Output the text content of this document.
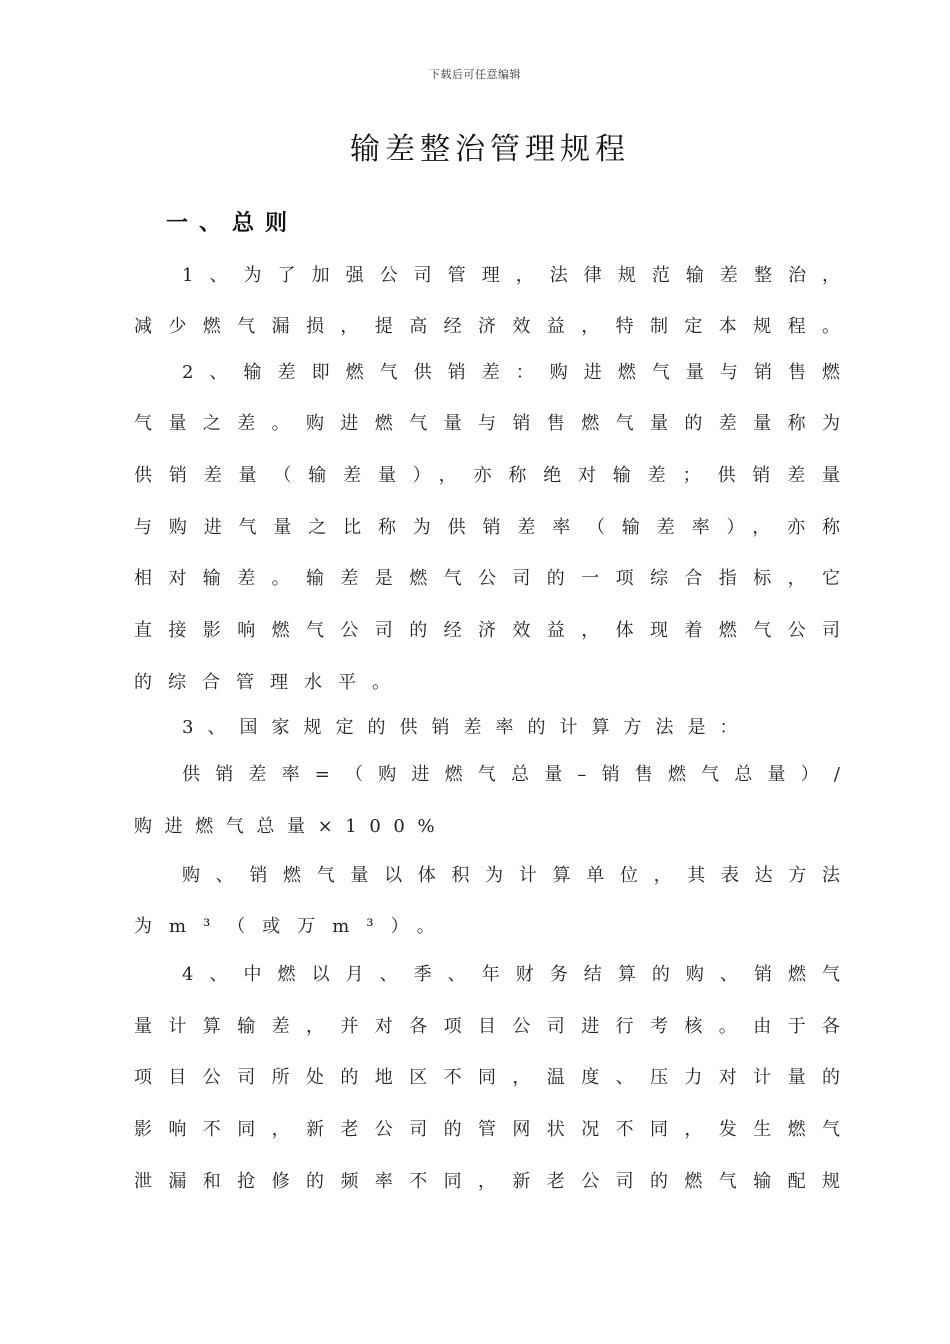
下载后可任意编辑
输差整治管理规程
一、总则
1、为了加强公司管理，法律规范输差整治，
减少燃气漏损，提高经济效益，特制定本规程。
2、输差即燃气供销差：购进燃气量与销售燃
气量之差。购进燃气量与销售燃气量的差量称为
供销差量（输差量），亦称绝对输差；供销差量
与购进气量之比称为供销差率（输差率），亦称
相对输差。输差是燃气公司的一项综合指标，它
直接影响燃气公司的经济效益，体现着燃气公司
的综合管理水平。
3、国家规定的供销差率的计算方法是：
供销差率=（购进燃气总量–销售燃气总量）/
购进燃气总量×100%
购、销燃气量以体积为计算单位，其表达方法
为m³（或万m³）。
4、中燃以月、季、年财务结算的购、销燃气
量计算输差，并对各项目公司进行考核。由于各
项目公司所处的地区不同，温度、压力对计量的
影响不同，新老公司的管网状况不同，发生燃气
泄漏和抢修的频率不同，新老公司的燃气输配规
